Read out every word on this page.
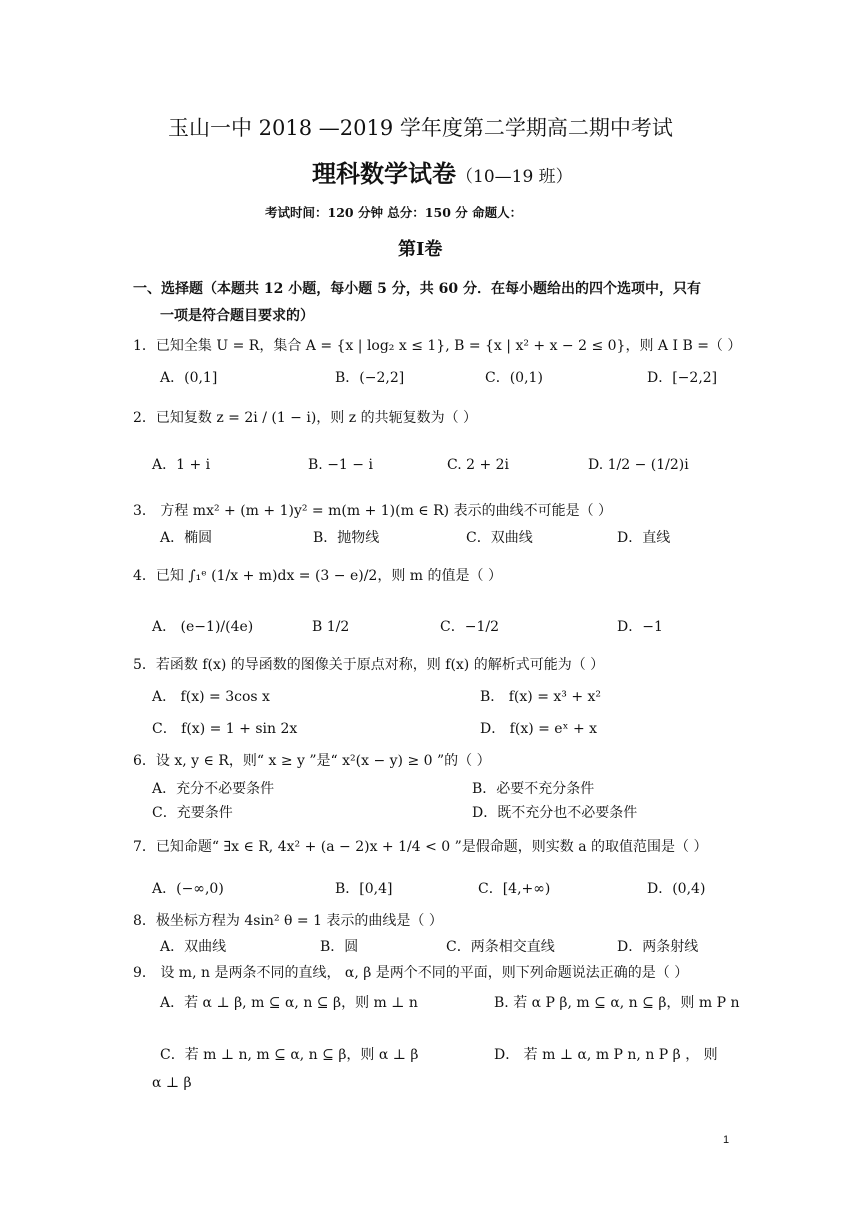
玉山一中 2018 —2019 学年度第二学期高二期中考试
理科数学试卷（10—19 班）
考试时间：120 分钟 总分：150 分 命题人：
第Ⅰ卷
一、选择题（本题共 12 小题，每小题 5 分，共 60 分．在每小题给出的四个选项中，只有
一项是符合题目要求的）
1．已知全集 U = R，集合 A = {x | log₂ x ≤ 1}, B = {x | x² + x − 2 ≤ 0}，则 A I B =（ ）
A．(0,1]	B．(−2,2]	C．(0,1)	D．[−2,2]
2．已知复数 z = 2i / (1 − i)，则 z 的共轭复数为（ ）
A．1 + i	B. −1 − i	C. 2 + 2i	D. 1/2 − (1/2)i
3． 方程 mx² + (m + 1)y² = m(m + 1)(m ∈ R) 表示的曲线不可能是（ ）
A．椭圆	B．抛物线	C．双曲线	D．直线
4．已知 ∫₁ᵉ (1/x + m)dx = (3 − e)/2，则 m 的值是（ ）
A． (e−1)/(4e)	B 1/2	C．−1/2	D．−1
5．若函数 f(x) 的导函数的图像关于原点对称，则 f(x) 的解析式可能为（ ）
A． f(x) = 3cos x	B． f(x) = x³ + x²
C． f(x) = 1 + sin 2x	D． f(x) = eˣ + x
6．设 x, y ∈ R，则“ x ≥ y ”是“ x²(x − y) ≥ 0 ”的（ ）
A．充分不必要条件	B．必要不充分条件
C．充要条件	D．既不充分也不必要条件
7．已知命题“ ∃x ∈ R, 4x² + (a − 2)x + 1/4 < 0 ”是假命题，则实数 a 的取值范围是（ ）
A．(−∞,0)	B．[0,4]	C．[4,+∞)	D．(0,4)
8．极坐标方程为 4sin² θ = 1 表示的曲线是（ ）
A．双曲线	B．圆	C．两条相交直线	D．两条射线
9． 设 m, n 是两条不同的直线， α, β 是两个不同的平面，则下列命题说法正确的是（ ）
A．若 α ⊥ β, m ⊆ α, n ⊆ β，则 m ⊥ n	B. 若 α P β, m ⊆ α, n ⊆ β，则 m P n
C．若 m ⊥ n, m ⊆ α, n ⊆ β，则 α ⊥ β	D． 若 m ⊥ α, m P n, n P β ， 则
α ⊥ β
1
